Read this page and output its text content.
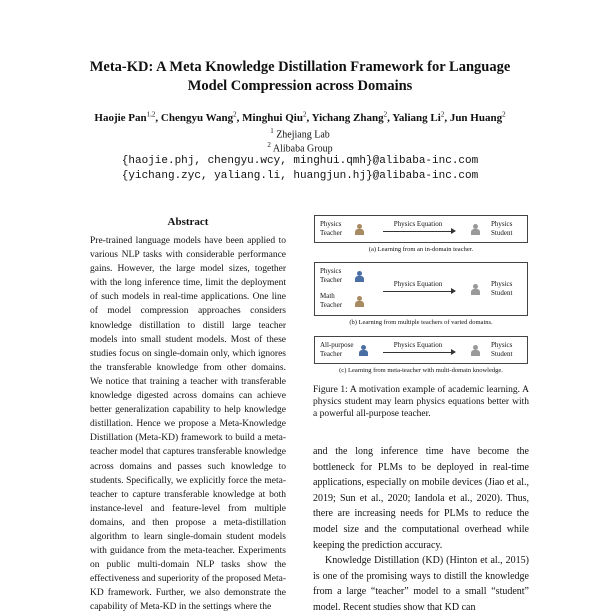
Meta-KD: A Meta Knowledge Distillation Framework for Language
Model Compression across Domains
Haojie Pan$^{1,2}$, Chengyu Wang$^2$, Minghui Qiu$^2$, Yichang Zhang$^2$, Yaliang Li$^2$, Jun Huang$^2$
$^1$ Zhejiang Lab
$^2$ Alibaba Group
{haojie.phj, chengyu.wcy, minghui.qmh}@alibaba-inc.com
{yichang.zyc, yaliang.li, huangjun.hj}@alibaba-inc.com
Abstract
Pre-trained language models have been applied to various NLP tasks with considerable performance gains. However, the large model sizes, together with the long inference time, limit the deployment of such models in real-time applications. One line of model compression approaches considers knowledge distillation to distill large teacher models into small student models. Most of these studies focus on single-domain only, which ignores the transferable knowledge from other domains. We notice that training a teacher with transferable knowledge digested across domains can achieve better generalization capability to help knowledge distillation. Hence we propose a Meta-Knowledge Distillation (Meta-KD) framework to build a meta-teacher model that captures transferable knowledge across domains and passes such knowledge to students. Specifically, we explicitly force the meta-teacher to capture transferable knowledge at both instance-level and feature-level from multiple domains, and then propose a meta-distillation algorithm to learn single-domain student models with guidance from the meta-teacher. Experiments on public multi-domain NLP tasks show the effectiveness and superiority of the proposed Meta-KD framework. Further, we also demonstrate the capability of Meta-KD in the settings where the
Physics
Teacher
Physics Equation	Physics
Student
(a) Learning from an in-domain teacher.
Physics
Teacher
Math
Teacher
Physics Equation	Physics
Student
(b) Learning from multiple teachers of varied domains.
All-purpose
Teacher
Physics Equation	Physics
Student
(c) Learning from meta-teacher with multi-domain knowledge.
Figure 1: A motivation example of academic learning. A physics student may learn physics equations better with a powerful all-purpose teacher.

and the long inference time have become the bottleneck for PLMs to be deployed in real-time applications, especially on mobile devices (Jiao et al., 2019; Sun et al., 2020; Iandola et al., 2020). Thus, there are increasing needs for PLMs to reduce the model size and the computational overhead while keeping the prediction accuracy.

Knowledge Distillation (KD) (Hinton et al., 2015) is one of the promising ways to distill the knowledge from a large “teacher” model to a small “student” model. Recent studies show that KD can
